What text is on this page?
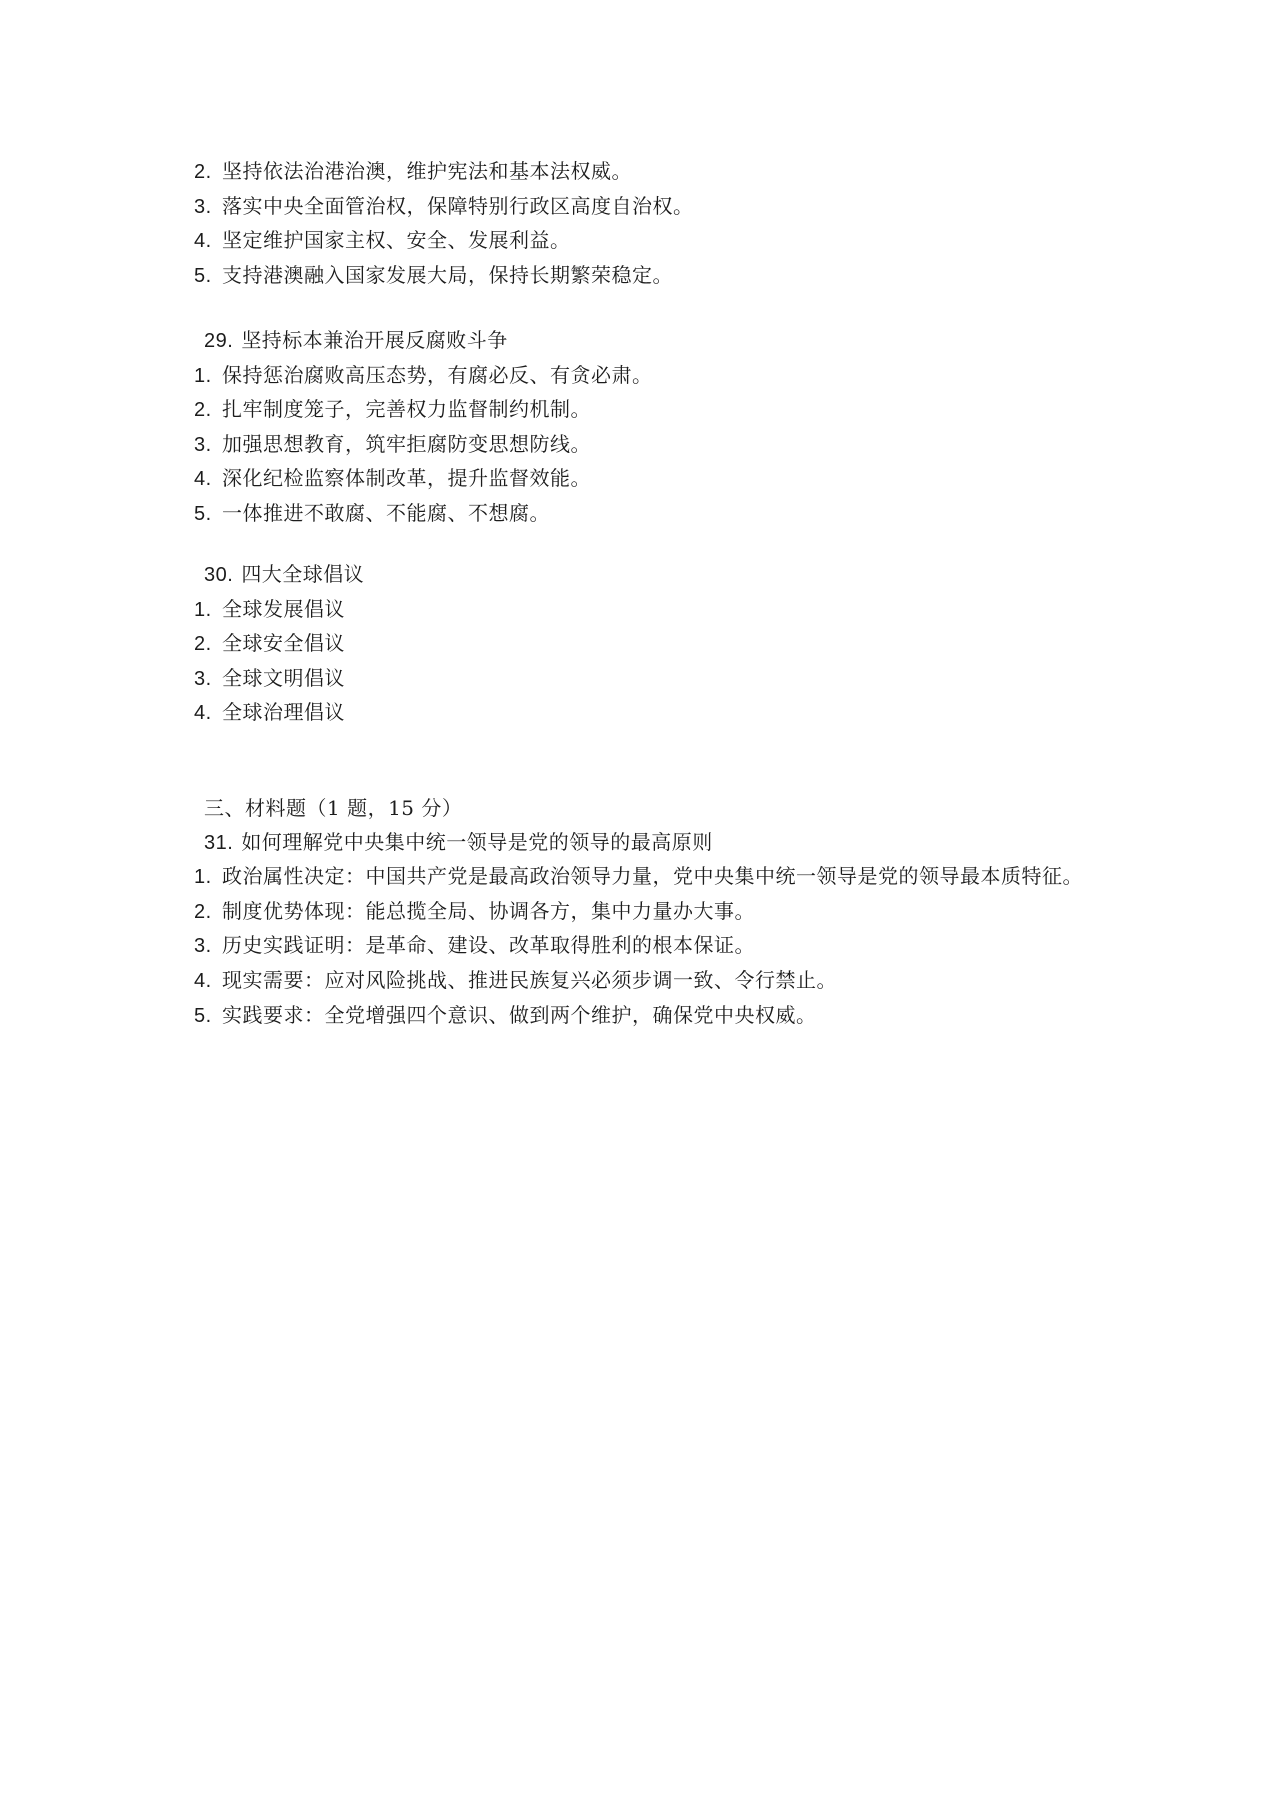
2. 坚持依法治港治澳，维护宪法和基本法权威。
3. 落实中央全面管治权，保障特别行政区高度自治权。
4. 坚定维护国家主权、安全、发展利益。
5. 支持港澳融入国家发展大局，保持长期繁荣稳定。
29. 坚持标本兼治开展反腐败斗争
1. 保持惩治腐败高压态势，有腐必反、有贪必肃。
2. 扎牢制度笼子，完善权力监督制约机制。
3. 加强思想教育，筑牢拒腐防变思想防线。
4. 深化纪检监察体制改革，提升监督效能。
5. 一体推进不敢腐、不能腐、不想腐。
30. 四大全球倡议
1. 全球发展倡议
2. 全球安全倡议
3. 全球文明倡议
4. 全球治理倡议
三、材料题（1 题，15 分）
31. 如何理解党中央集中统一领导是党的领导的最高原则
1. 政治属性决定：中国共产党是最高政治领导力量，党中央集中统一领导是党的领导最本质特征。
2. 制度优势体现：能总揽全局、协调各方，集中力量办大事。
3. 历史实践证明：是革命、建设、改革取得胜利的根本保证。
4. 现实需要：应对风险挑战、推进民族复兴必须步调一致、令行禁止。
5. 实践要求：全党增强四个意识、做到两个维护，确保党中央权威。
